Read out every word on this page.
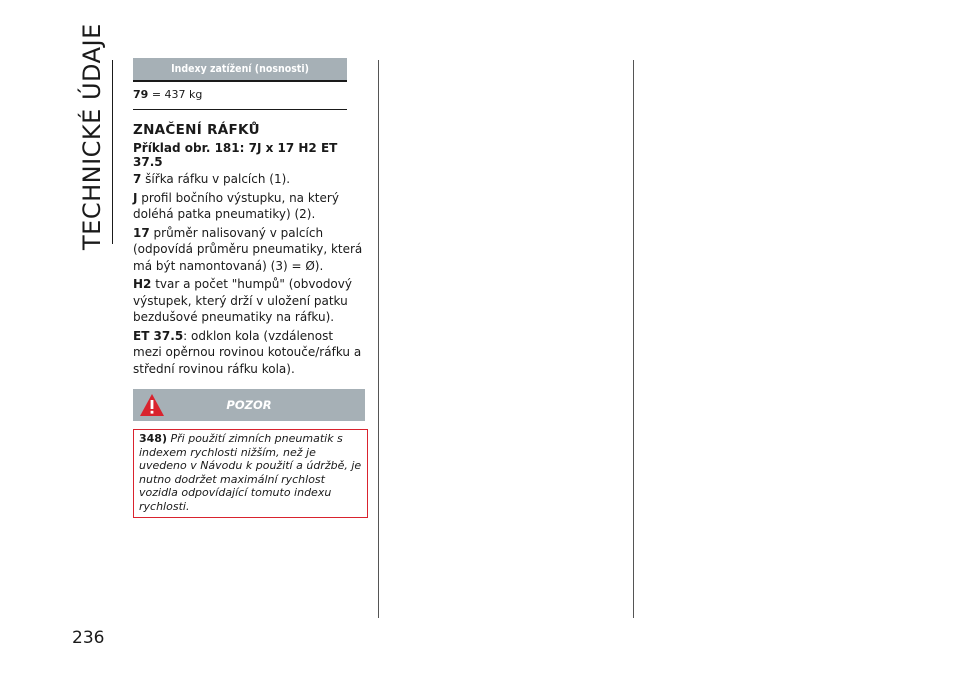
TECHNICKÉ ÚDAJE
236
Indexy zatížení (nosnosti)
79 = 437 kg
ZNAČENÍ RÁFKŮ
Příklad obr. 181: 7J x 17 H2 ET 37.5
7 šířka ráfku v palcích (1).
J profil bočního výstupku, na který doléhá patka pneumatiky) (2).
17 průměr nalisovaný v palcích (odpovídá průměru pneumatiky, která má být namontovaná) (3) = Ø).
H2 tvar a počet "humpů" (obvodový výstupek, který drží v uložení patku bezdušové pneumatiky na ráfku).
ET 37.5: odklon kola (vzdálenost mezi opěrnou rovinou kotouče/ráfku a střední rovinou ráfku kola).
POZOR
348) Při použití zimních pneumatik s indexem rychlosti nižším, než je uvedeno v Návodu k použití a údržbě, je nutno dodržet maximální rychlost vozidla odpovídající tomuto indexu rychlosti.
